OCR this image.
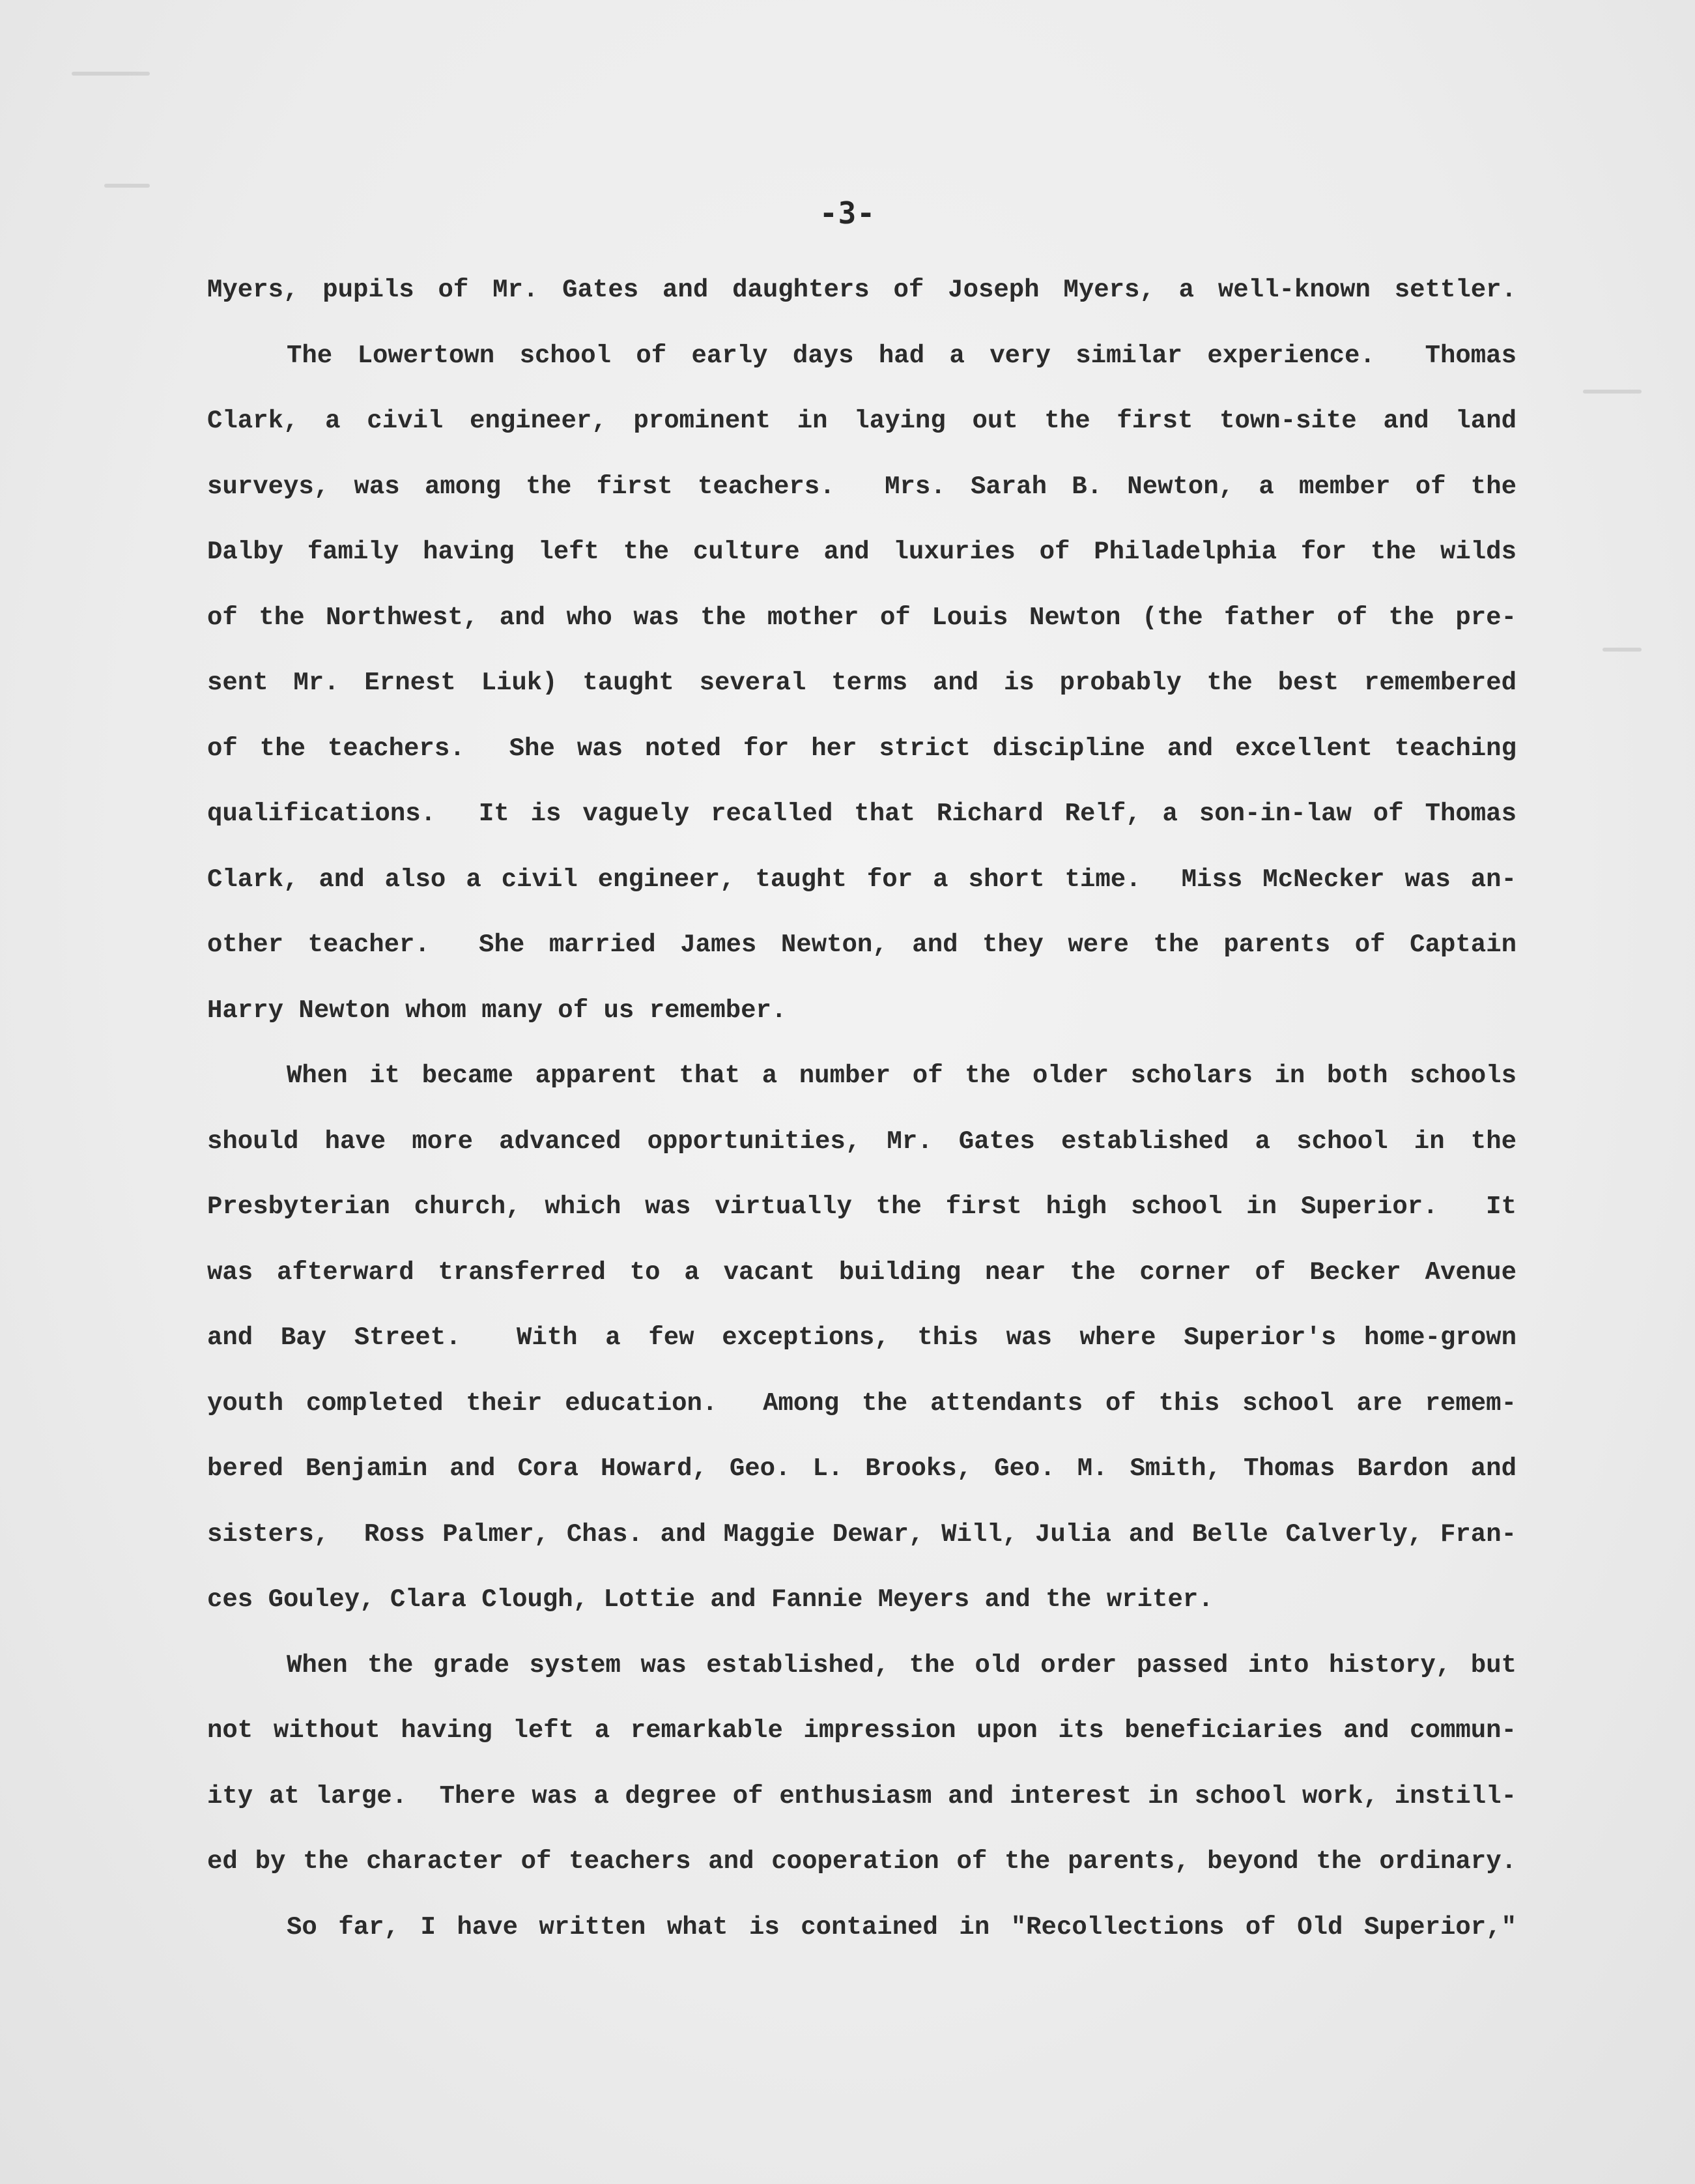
-3-
Myers, pupils of Mr. Gates and daughters of Joseph Myers, a well-known settler.
The Lowertown school of early days had a very similar experience.  Thomas
Clark, a civil engineer, prominent in laying out the first town-site and land
surveys, was among the first teachers.  Mrs. Sarah B. Newton, a member of the
Dalby family having left the culture and luxuries of Philadelphia for the wilds
of the Northwest, and who was the mother of Louis Newton (the father of the pre-
sent Mr. Ernest Liuk) taught several terms and is probably the best remembered
of the teachers.  She was noted for her strict discipline and excellent teaching
qualifications.  It is vaguely recalled that Richard Relf, a son-in-law of Thomas
Clark, and also a civil engineer, taught for a short time.  Miss McNecker was an-
other teacher.  She married James Newton, and they were the parents of Captain
Harry Newton whom many of us remember.
When it became apparent that a number of the older scholars in both schools
should have more advanced opportunities, Mr. Gates established a school in the
Presbyterian church, which was virtually the first high school in Superior.  It
was afterward transferred to a vacant building near the corner of Becker Avenue
and Bay Street.  With a few exceptions, this was where Superior's home-grown
youth completed their education.  Among the attendants of this school are remem-
bered Benjamin and Cora Howard, Geo. L. Brooks, Geo. M. Smith, Thomas Bardon and
sisters,  Ross Palmer, Chas. and Maggie Dewar, Will, Julia and Belle Calverly, Fran-
ces Gouley, Clara Clough, Lottie and Fannie Meyers and the writer.
When the grade system was established, the old order passed into history, but
not without having left a remarkable impression upon its beneficiaries and commun-
ity at large.  There was a degree of enthusiasm and interest in school work, instill-
ed by the character of teachers and cooperation of the parents, beyond the ordinary.
So far, I have written what is contained in "Recollections of Old Superior,"
